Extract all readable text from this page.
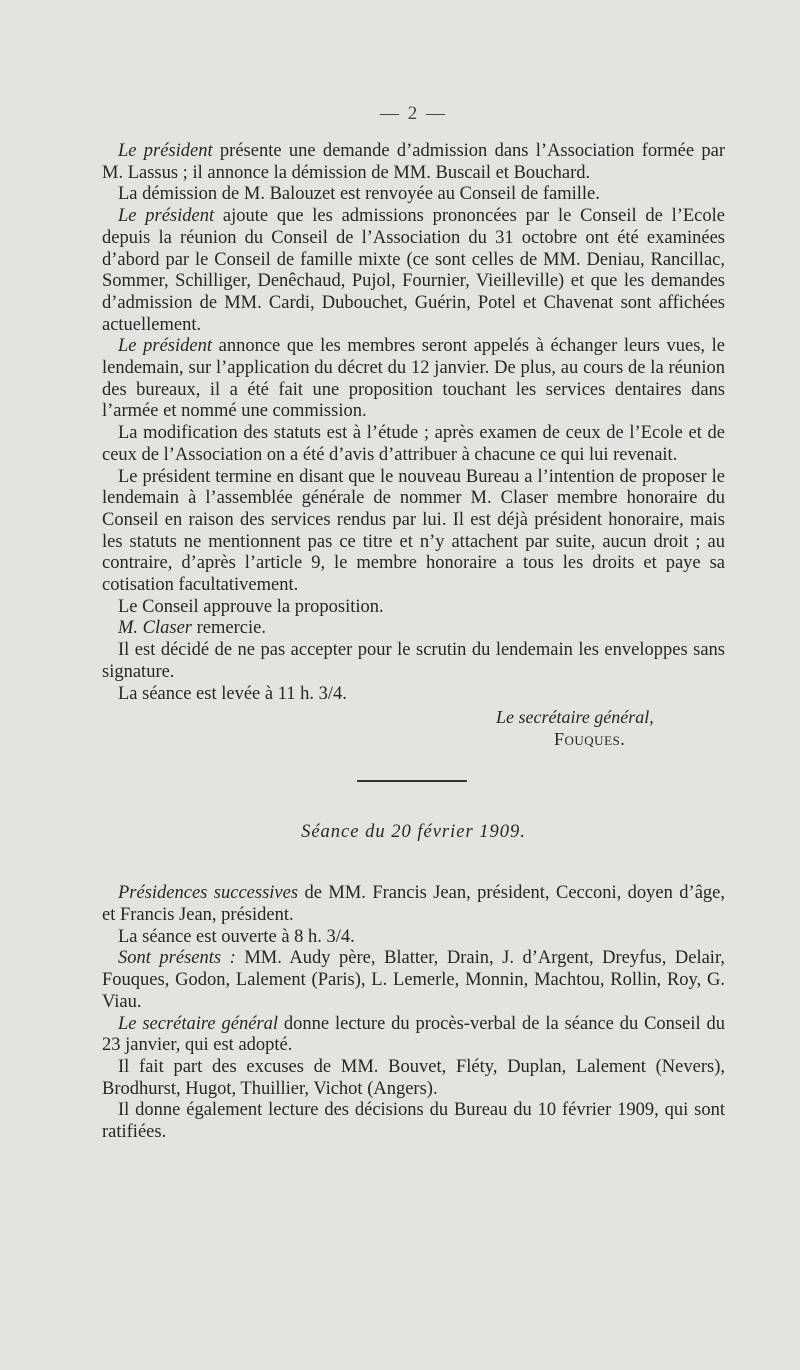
— 2 —

Le président présente une demande d’admission dans l’Association formée par M. Lassus ; il annonce la démission de MM. Buscail et Bouchard.

La démission de M. Balouzet est renvoyée au Conseil de famille.

Le président ajoute que les admissions prononcées par le Conseil de l’Ecole depuis la réunion du Conseil de l’Association du 31 octobre ont été examinées d’abord par le Conseil de famille mixte (ce sont celles de MM. Deniau, Rancillac, Sommer, Schilliger, Denêchaud, Pujol, Fournier, Vieilleville) et que les demandes d’admission de MM. Cardi, Dubouchet, Guérin, Potel et Chavenat sont affichées actuellement.

Le président annonce que les membres seront appelés à échanger leurs vues, le lendemain, sur l’application du décret du 12 janvier. De plus, au cours de la réunion des bureaux, il a été fait une proposition touchant les services dentaires dans l’armée et nommé une commission.

La modification des statuts est à l’étude ; après examen de ceux de l’Ecole et de ceux de l’Association on a été d’avis d’attribuer à chacune ce qui lui revenait.

Le président termine en disant que le nouveau Bureau a l’intention de proposer le lendemain à l’assemblée générale de nommer M. Claser membre honoraire du Conseil en raison des services rendus par lui. Il est déjà président honoraire, mais les statuts ne mentionnent pas ce titre et n’y attachent par suite, aucun droit ; au contraire, d’après l’article 9, le membre honoraire a tous les droits et paye sa cotisation facultativement.

Le Conseil approuve la proposition.

M. Claser remercie.

Il est décidé de ne pas accepter pour le scrutin du lendemain les enveloppes sans signature.

La séance est levée à 11 h. 3/4.

Le secrétaire général,
Fouques.
Séance du 20 février 1909.

Présidences successives de MM. Francis Jean, président, Cecconi, doyen d’âge, et Francis Jean, président.

La séance est ouverte à 8 h. 3/4.

Sont présents : MM. Audy père, Blatter, Drain, J. d’Argent, Dreyfus, Delair, Fouques, Godon, Lalement (Paris), L. Lemerle, Monnin, Machtou, Rollin, Roy, G. Viau.

Le secrétaire général donne lecture du procès-verbal de la séance du Conseil du 23 janvier, qui est adopté.

Il fait part des excuses de MM. Bouvet, Fléty, Duplan, Lalement (Nevers), Brodhurst, Hugot, Thuillier, Vichot (Angers).

Il donne également lecture des décisions du Bureau du 10 février 1909, qui sont ratifiées.
